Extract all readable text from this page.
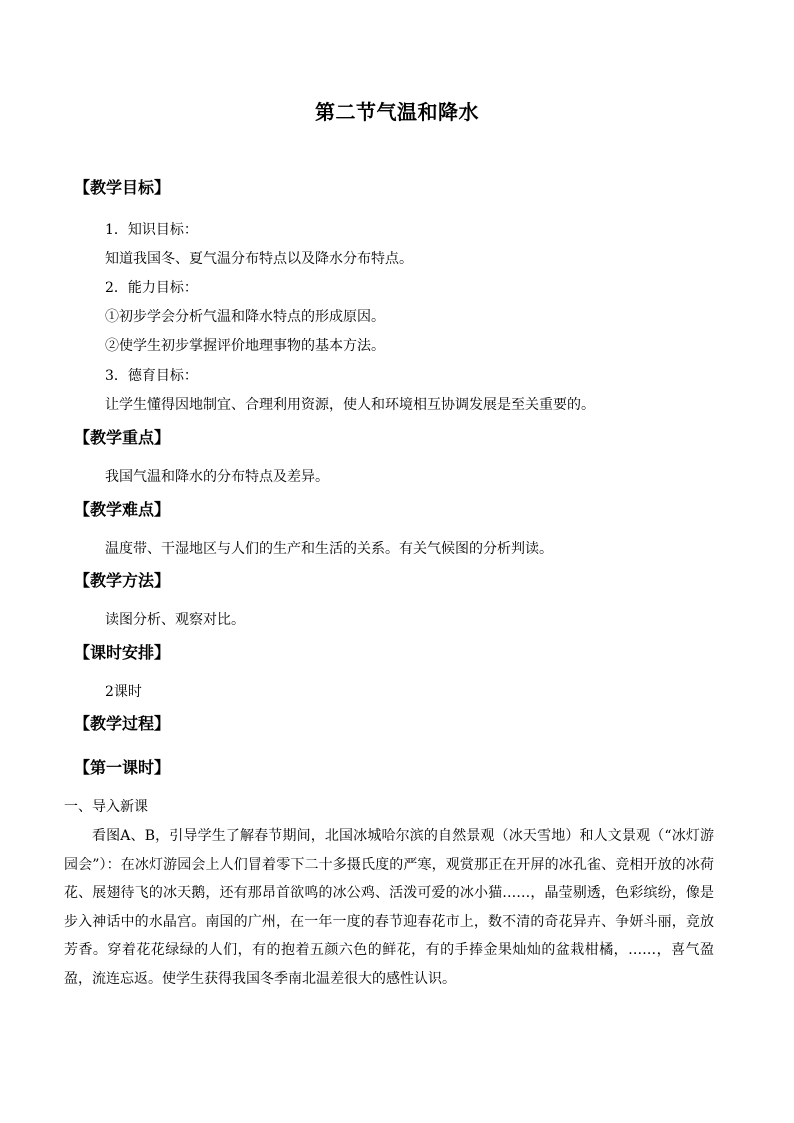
第二节气温和降水
【教学目标】
1．知识目标：
知道我国冬、夏气温分布特点以及降水分布特点。
2．能力目标：
①初步学会分析气温和降水特点的形成原因。
②使学生初步掌握评价地理事物的基本方法。
3．德育目标：
让学生懂得因地制宜、合理利用资源，使人和环境相互协调发展是至关重要的。
【教学重点】
我国气温和降水的分布特点及差异。
【教学难点】
温度带、干湿地区与人们的生产和生活的关系。有关气候图的分析判读。
【教学方法】
读图分析、观察对比。
【课时安排】
2课时
【教学过程】
【第一课时】
一、导入新课

看图A、B，引导学生了解春节期间，北国冰城哈尔滨的自然景观（冰天雪地）和人文景观（“冰灯游园会”）：在冰灯游园会上人们冒着零下二十多摄氏度的严寒，观赏那正在开屏的冰孔雀、竞相开放的冰荷花、展翅待飞的冰天鹅，还有那昂首欲鸣的冰公鸡、活泼可爱的冰小猫……，晶莹剔透，色彩缤纷，像是步入神话中的水晶宫。南国的广州，在一年一度的春节迎春花市上，数不清的奇花异卉、争妍斗丽，竞放芳香。穿着花花绿绿的人们，有的抱着五颜六色的鲜花，有的手捧金果灿灿的盆栽柑橘，……，喜气盈盈，流连忘返。使学生获得我国冬季南北温差很大的感性认识。
